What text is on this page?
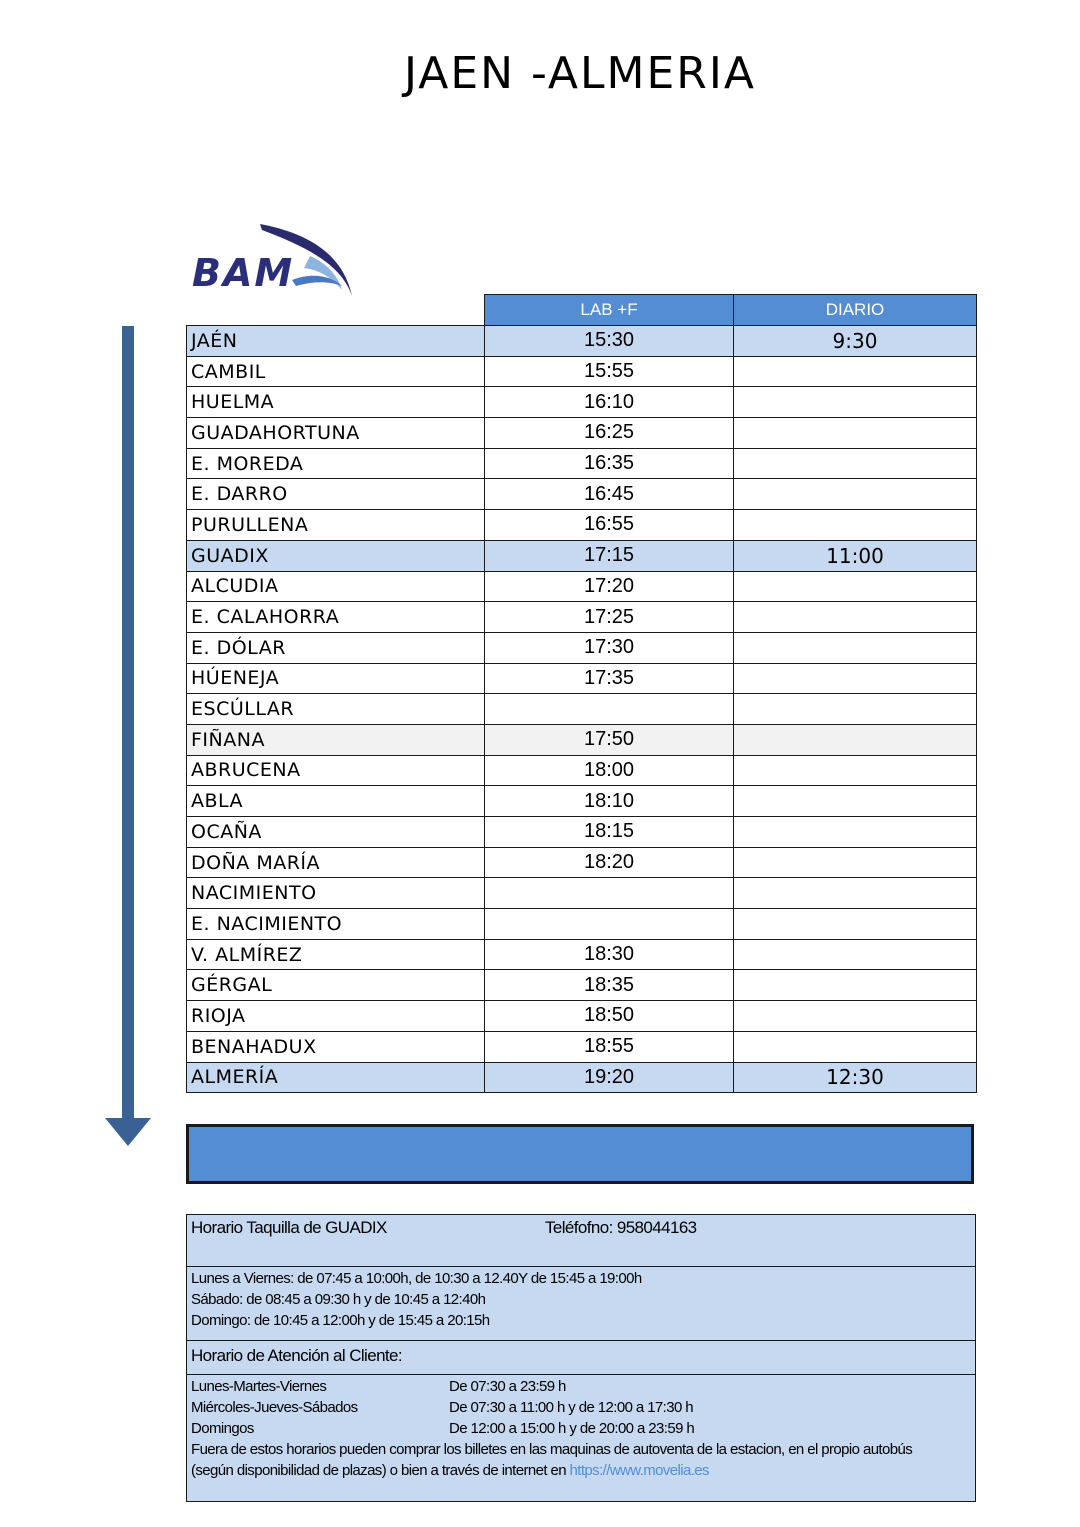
JAEN -ALMERIA
BAM
	LAB +F	DIARIO
JAÉN	15:30	9:30
CAMBIL	15:55	
HUELMA	16:10	
GUADAHORTUNA	16:25	
E. MOREDA	16:35	
E. DARRO	16:45	
PURULLENA	16:55	
GUADIX	17:15	11:00
ALCUDIA	17:20	
E. CALAHORRA	17:25	
E. DÓLAR	17:30	
HÚENEJA	17:35	
ESCÚLLAR		
FIÑANA	17:50	
ABRUCENA	18:00	
ABLA	18:10	
OCAÑA	18:15	
DOÑA MARÍA	18:20	
NACIMIENTO		
E. NACIMIENTO		
V. ALMÍREZ	18:30	
GÉRGAL	18:35	
RIOJA	18:50	
BENAHADUX	18:55	
ALMERÍA	19:20	12:30
Horario Taquilla de GUADIX	Teléfofno: 958044163
Lunes a Viernes: de 07:45 a 10:00h, de 10:30 a 12.40Y de 15:45 a 19:00h
Sábado: de 08:45 a 09:30 h y de 10:45 a 12:40h
Domingo: de 10:45 a 12:00h y de 15:45 a 20:15h
Horario de Atención al Cliente:
Lunes-Martes-Viernes	De 07:30 a 23:59 h
Miércoles-Jueves-Sábados	De 07:30 a 11:00 h y de 12:00 a 17:30 h
Domingos	De 12:00 a 15:00 h y de 20:00 a 23:59 h
Fuera de estos horarios pueden comprar los billetes en las maquinas de autoventa de la estacion, en el propio autobús
(según disponibilidad de plazas) o bien a través de internet en https://www.movelia.es
